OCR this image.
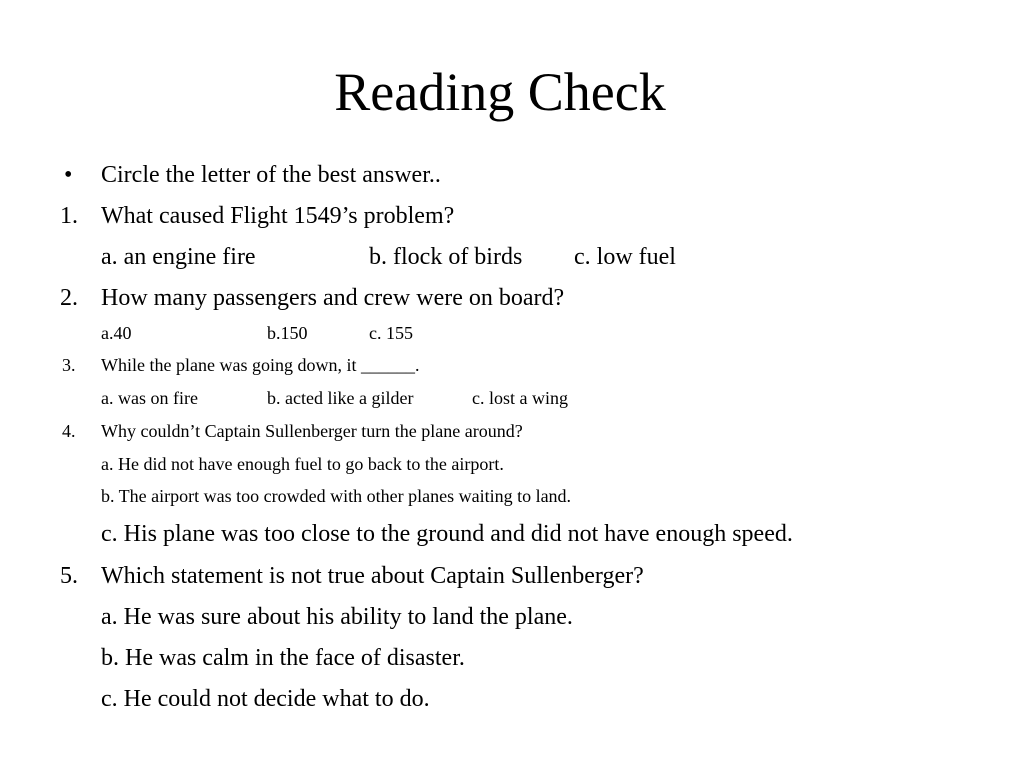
Reading Check
• Circle the letter of the best answer..
1. What caused Flight 1549’s problem?
a. an engine fire	b. flock of birds c. low fuel
2. How many passengers and crew were on board?
a.40	b.150	c. 155
3. While the plane was going down, it ______.
a. was on fire	b. acted like a gilder	c. lost a wing
4. Why couldn’t Captain Sullenberger turn the plane around?
a. He did not have enough fuel to go back to the airport.
b. The airport was too crowded with other planes waiting to land.
c. His plane was too close to the ground and did not have enough speed.
5. Which statement is not true about Captain Sullenberger?
a. He was sure about his ability to land the plane.
b. He was calm in the face of disaster.
c. He could not decide what to do.
